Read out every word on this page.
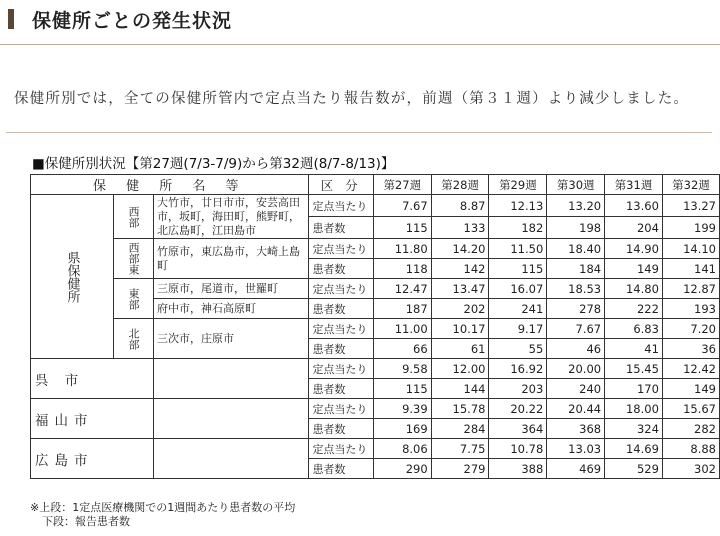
保健所ごとの発生状況
保健所別では，全ての保健所管内で定点当たり報告数が，前週（第３１週）より減少しました。
■保健所別状況【第27週(7/3-7/9)から第32週(8/7-8/13)】
保 健 所 名 等			区 分	第27週	第28週	第29週	第30週	第31週	第32週
県保健所	西部	大竹市，廿日市市，安芸高田市，坂町，海田町，熊野町，北広島町，江田島市	定点当たり	7.67	8.87	12.13	13.20	13.60	13.27
			患者数	115	133	182	198	204	199
	西部東	竹原市，東広島市，大崎上島町	定点当たり	11.80	14.20	11.50	18.40	14.90	14.10
			患者数	118	142	115	184	149	141
	東部	三原市，尾道市，世羅町	定点当たり	12.47	13.47	16.07	18.53	14.80	12.87
		府中市，神石高原町	患者数	187	202	241	278	222	193
	北部	三次市，庄原市	定点当たり	11.00	10.17	9.17	7.67	6.83	7.20
			患者数	66	61	55	46	41	36
呉 市			定点当たり	9.58	12.00	16.92	20.00	15.45	12.42
			患者数	115	144	203	240	170	149
福山市			定点当たり	9.39	15.78	20.22	20.44	18.00	15.67
			患者数	169	284	364	368	324	282
広島市			定点当たり	8.06	7.75	10.78	13.03	14.69	8.88
			患者数	290	279	388	469	529	302
※上段：1定点医療機関での1週間あたり患者数の平均
下段：報告患者数
